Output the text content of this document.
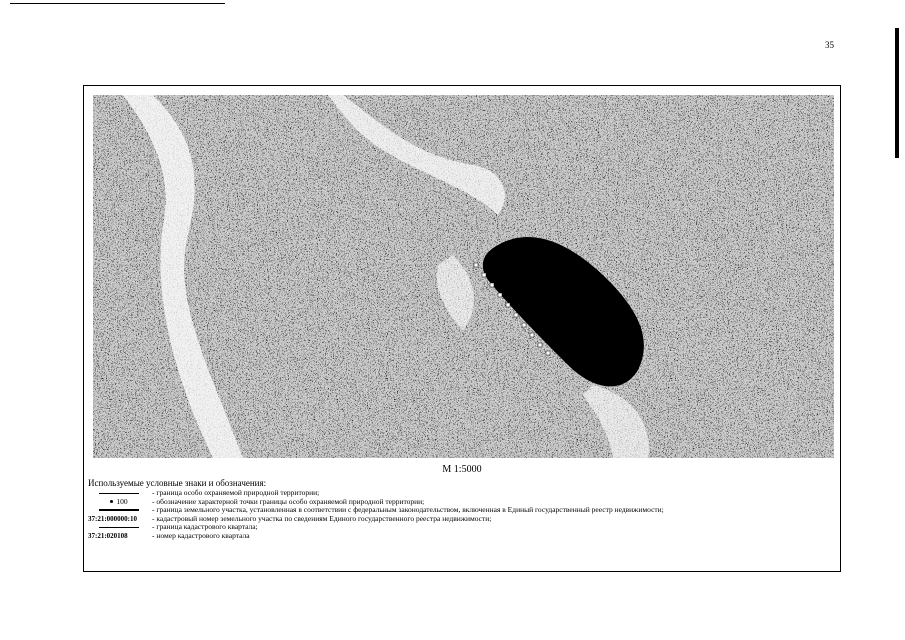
35
М 1:5000
Используемые условные знаки и обозначения:
- граница особо охраняемой природной территории;
100	- обозначение характерной точки границы особо охраняемой природной территории;
- граница земельного участка, установленная в соответствии с федеральным законодательством, включенная в Единый государственный реестр недвижимости;
37:21:000000:10	- кадастровый номер земельного участка по сведениям Единого государственного реестра недвижимости;
- граница кадастрового квартала;
37:21:020108	- номер кадастрового квартала
